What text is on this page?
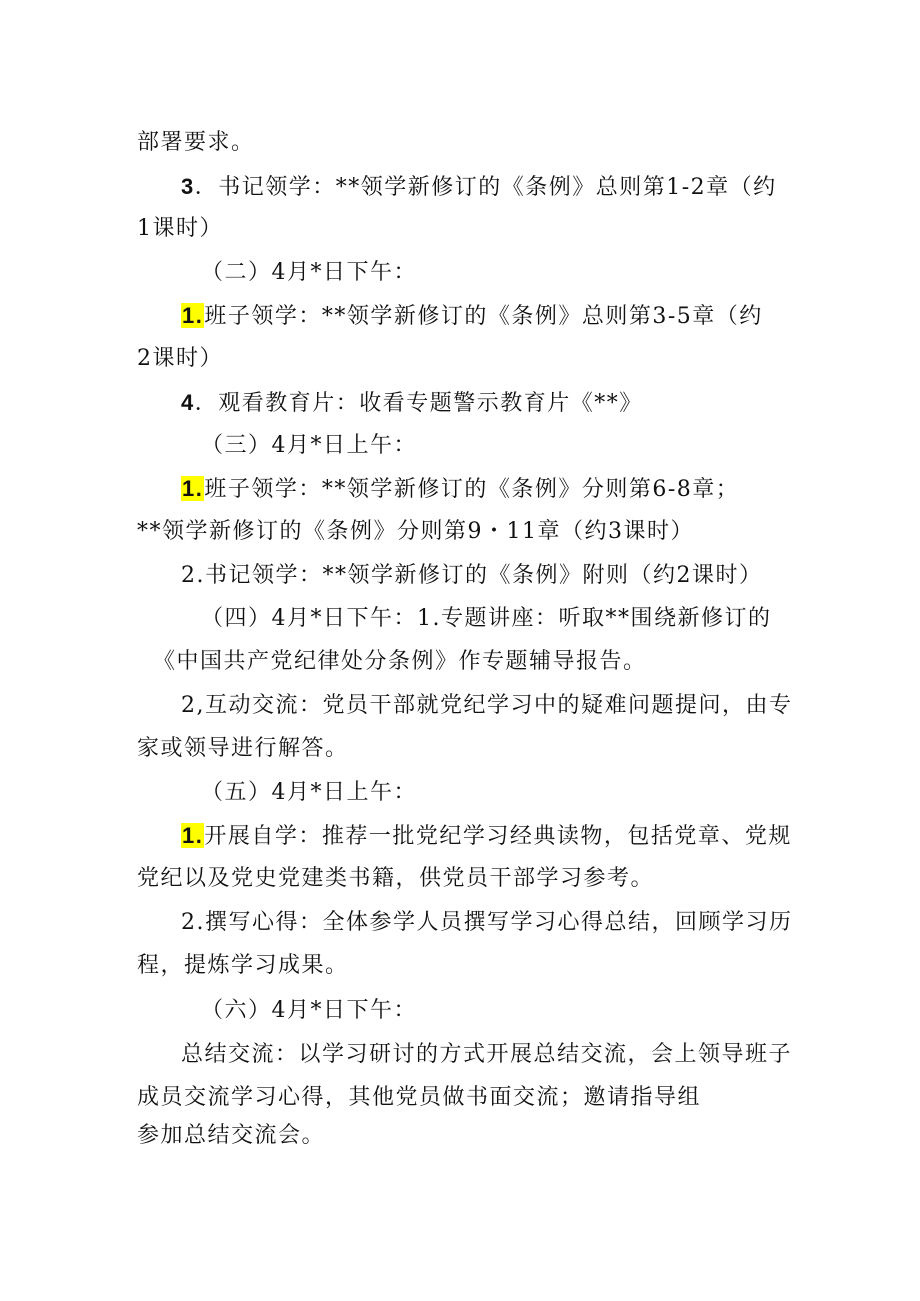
部署要求。
3．书记领学：**领学新修订的《条例》总则第1-2章（约
1课时）
（二）4月*日下午：
1.班子领学：**领学新修订的《条例》总则第3-5章（约
2课时）
4．观看教育片：收看专题警示教育片《**》
（三）4月*日上午：
1.班子领学：**领学新修订的《条例》分则第6-8章；
**领学新修订的《条例》分则第9・11章（约3课时）
2.书记领学：**领学新修订的《条例》附则（约2课时）
（四）4月*日下午：1.专题讲座：听取**围绕新修订的
《中国共产党纪律处分条例》作专题辅导报告。
2,互动交流：党员干部就党纪学习中的疑难问题提问，由专
家或领导进行解答。
（五）4月*日上午：
1.开展自学：推荐一批党纪学习经典读物，包括党章、党规
党纪以及党史党建类书籍，供党员干部学习参考。
2.撰写心得：全体参学人员撰写学习心得总结，回顾学习历
程，提炼学习成果。
（六）4月*日下午：
总结交流：以学习研讨的方式开展总结交流，会上领导班子
成员交流学习心得，其他党员做书面交流；邀请指导组
参加总结交流会。
